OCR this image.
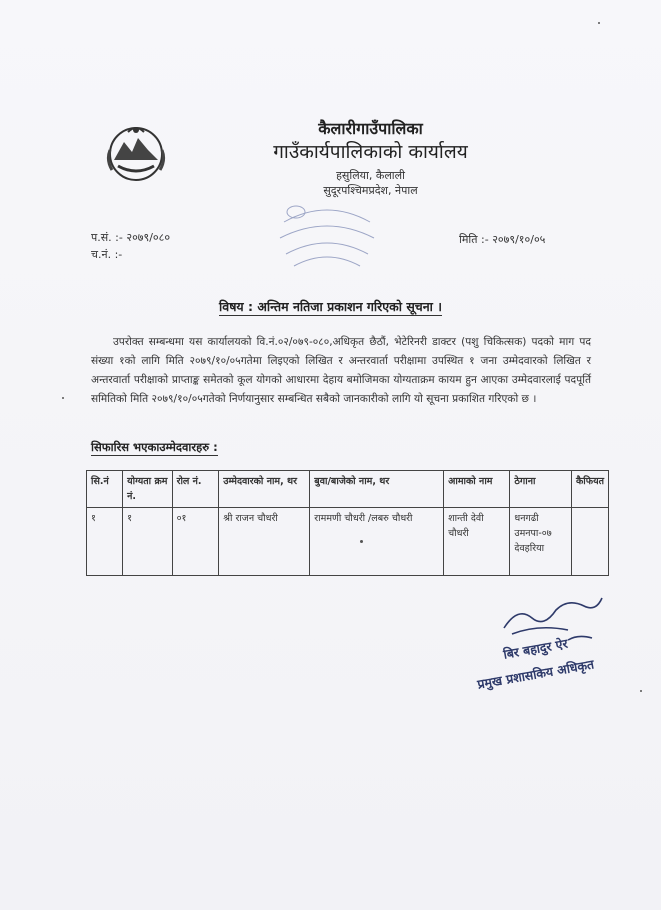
कैलारीगाउँपालिका
गाउँकार्यपालिकाको कार्यालय
हसुलिया, कैलाली
सुदूरपश्चिमप्रदेश, नेपाल
प.सं. :- २०७९/०८०
च.नं. :-
मिति :- २०७९/१०/०५
विषय : अन्तिम नतिजा प्रकाशन गरिएको सूचना ।
उपरोक्त सम्बन्धमा यस कार्यालयको वि.नं.०२/०७९-०८०,अधिकृत छैठौं, भेटेरिनरी डाक्टर (पशु चिकित्सक) पदको माग पद संख्या १को लागि मिति २०७९/१०/०५गतेमा लिइएको लिखित र अन्तरवार्ता परीक्षामा उपस्थित १ जना उम्मेदवारको लिखित र अन्तरवार्ता परीक्षाको प्राप्ताङ्क समेतको कूल योगको आधारमा देहाय बमोजिमका योग्यताक्रम कायम हुन आएका उम्मेदवारलाई पदपूर्ति समितिको मिति २०७९/१०/०५गतेको निर्णयानुसार सम्बन्धित सबैको जानकारीको लागि यो सूचना प्रकाशित गरिएको छ ।
सिफारिस भएकाउम्मेदवारहरु :
सि.नं	योग्यता क्रम नं.	रोल नं.	उम्मेदवारको नाम, थर	बुवा/बाजेको नाम, थर	आमाको नाम	ठेगाना	कैफियत
१	१	०१	श्री राजन चौधरी	राममणी चौधरी /लबरु चौधरी	शान्ती देवी चौधरी	धनगढी उमनपा-०७ देवहरिया	
बिर बहादुर ऐर
प्रमुख प्रशासकिय अधिकृत
